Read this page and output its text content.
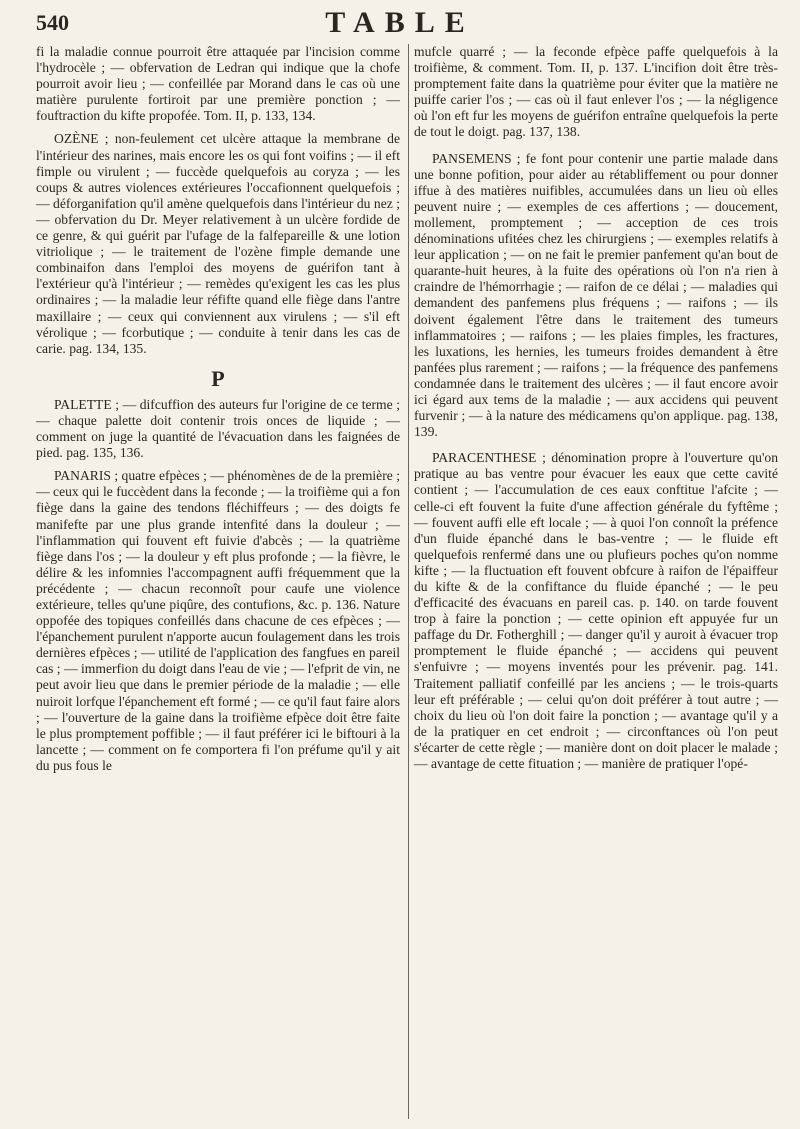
540	TABLE

fi la maladie connue pourroit être attaquée par l'incision comme l'hydrocèle ; — obfervation de Ledran qui indique que la chofe pourroit avoir lieu ; — confeillée par Morand dans le cas où une matière purulente fortiroit par une première ponction ; — fouftraction du kifte propofée. Tom. II, p. 133, 134.

OZÈNE ; non-feulement cet ulcère attaque la membrane de l'intérieur des narines, mais encore les os qui font voifins ; — il eft fimple ou virulent ; — fuccède quelquefois au coryza ; — les coups & autres violences extérieures l'occafionnent quelquefois ; — déforganifation qu'il amène quelquefois dans l'intérieur du nez ; — obfervation du Dr. Meyer relativement à un ulcère fordide de ce genre, & qui guérit par l'ufage de la falfepareille & une lotion vitriolique ; — le traitement de l'ozène fimple demande une combinaifon dans l'emploi des moyens de guérifon tant à l'extérieur qu'à l'intérieur ; — remèdes qu'exigent les cas les plus ordinaires ; — la maladie leur réfifte quand elle fiège dans l'antre maxillaire ; — ceux qui conviennent aux virulens ; — s'il eft vérolique ; — fcorbutique ; — conduite à tenir dans les cas de carie. pag. 134, 135.

P

PALETTE ; — difcuffion des auteurs fur l'origine de ce terme ; — chaque palette doit contenir trois onces de liquide ; — comment on juge la quantité de l'évacuation dans les faignées de pied. pag. 135, 136.

PANARIS ; quatre efpèces ; — phénomènes de de la première ; — ceux qui le fuccèdent dans la feconde ; — la troifième qui a fon fiège dans la gaine des tendons fléchiffeurs ; — des doigts fe manifefte par une plus grande intenfité dans la douleur ; — l'inflammation qui fouvent eft fuivie d'abcès ; — la quatrième fiège dans l'os ; — la douleur y eft plus profonde ; — la fièvre, le délire & les infomnies l'accompagnent auffi fréquemment que la précédente ; — chacun reconnoît pour caufe une violence extérieure, telles qu'une piqûre, des contufions, &c. p. 136. Nature oppofée des topiques confeillés dans chacune de ces efpèces ; — l'épanchement purulent n'apporte aucun foulagement dans les trois dernières efpèces ; — utilité de l'application des fangfues en pareil cas ; — immerfion du doigt dans l'eau de vie ; — l'efprit de vin, ne peut avoir lieu que dans le premier période de la maladie ; — elle nuiroit lorfque l'épanchement eft formé ; — ce qu'il faut faire alors ; — l'ouverture de la gaine dans la troifième efpèce doit être faite le plus promptement poffible ; — il faut préférer ici le biftouri à la lancette ; — comment on fe comportera fi l'on préfume qu'il y ait du pus fous le

mufcle quarré ; — la feconde efpèce paffe quelquefois à la troifième, & comment. Tom. II, p. 137. L'incifion doit être très-promptement faite dans la quatrième pour éviter que la matière ne puiffe carier l'os ; — cas où il faut enlever l'os ; — la négligence où l'on eft fur les moyens de guérifon entraîne quelquefois la perte de tout le doigt. pag. 137, 138.

PANSEMENS ; fe font pour contenir une partie malade dans une bonne pofition, pour aider au rétabliffement ou pour donner iffue à des matières nuifibles, accumulées dans un lieu où elles peuvent nuire ; — exemples de ces affertions ; — doucement, mollement, promptement ; — acception de ces trois dénominations ufitées chez les chirurgiens ; — exemples relatifs à leur application ; — on ne fait le premier panfement qu'an bout de quarante-huit heures, à la fuite des opérations où l'on n'a rien à craindre de l'hémorrhagie ; — raifon de ce délai ; — maladies qui demandent des panfemens plus fréquens ; — raifons ; — ils doivent également l'être dans le traitement des tumeurs inflammatoires ; — raifons ; — les plaies fimples, les fractures, les luxations, les hernies, les tumeurs froides demandent à être panfées plus rarement ; — raifons ; — la fréquence des panfemens condamnée dans le traitement des ulcères ; — il faut encore avoir ici égard aux tems de la maladie ; — aux accidens qui peuvent furvenir ; — à la nature des médicamens qu'on applique. pag. 138, 139.

PARACENTHESE ; dénomination propre à l'ouverture qu'on pratique au bas ventre pour évacuer les eaux que cette cavité contient ; — l'accumulation de ces eaux conftitue l'afcite ; — celle-ci eft fouvent la fuite d'une affection générale du fyftême ; — fouvent auffi elle eft locale ; — à quoi l'on connoît la préfence d'un fluide épanché dans le bas-ventre ; — le fluide eft quelquefois renfermé dans une ou plufieurs poches qu'on nomme kifte ; — la fluctuation eft fouvent obfcure à raifon de l'épaiffeur du kifte & de la confiftance du fluide épanché ; — le peu d'efficacité des évacuans en pareil cas. p. 140. on tarde fouvent trop à faire la ponction ; — cette opinion eft appuyée fur un paffage du Dr. Fotherghill ; — danger qu'il y auroit à évacuer trop promptement le fluide épanché ; — accidens qui peuvent s'enfuivre ; — moyens inventés pour les prévenir. pag. 141. Traitement palliatif confeillé par les anciens ; — le trois-quarts leur eft préférable ; — celui qu'on doit préférer à tout autre ; — choix du lieu où l'on doit faire la ponction ; — avantage qu'il y a de la pratiquer en cet endroit ; — circonftances où l'on peut s'écarter de cette règle ; — manière dont on doit placer le malade ; — avantage de cette fituation ; — manière de pratiquer l'opé-
